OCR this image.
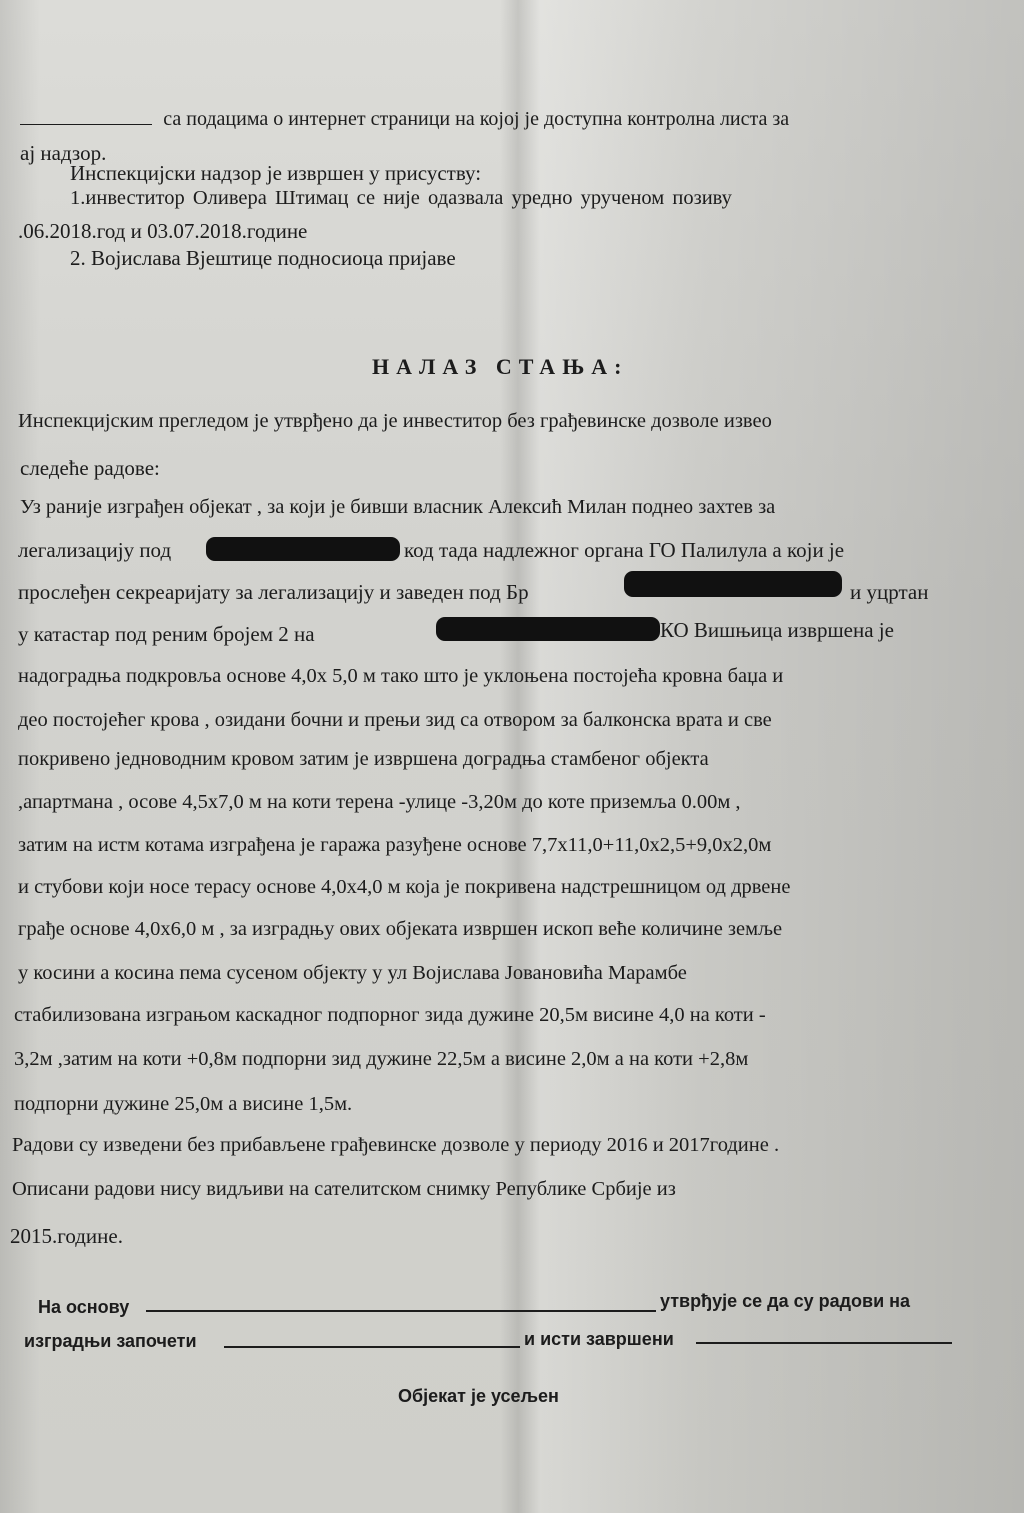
са подацима о интернет страници на којој је доступна контролна листа за
ај надзор.
Инспекцијски надзор је извршен у присуству:
1.инвеститор Оливера Штимац се није одазвала уредно уручeном позиву
.06.2018.год и 03.07.2018.године
2. Војислава Вјештице подносиоца пријаве
НАЛАЗ СТАЊА:
Инспекцијским прегледом је утврђено да је инвеститор без грађевинске дозволе извео
следеће радове:
Уз раније изграђен објекат , за који је бивши власник Алексић Милан поднео захтев за
легализацију под	код тада надлежног органа ГО Палилула а који је
прослеђен секреаријату за легализацију и заведен под Бр	и уцртан
у катастар под реним бројем 2 на	КО Вишњица извршена је
надоградња подкровља основе 4,0х 5,0 м тако што је уклоњена постојећа кровна баџа и
део постојећег крова , озидани бочни и прењи зид са отвором за балконска врата и све
покривено једноводним кровом затим је извршена доградња стамбеног објекта
,апартмана , осове 4,5х7,0 м на коти терена -улице -3,20м до коте приземља 0.00м ,
затим на истм котама изграђена је гаража разуђене основе 7,7х11,0+11,0х2,5+9,0х2,0м
и стубови који носе терасу основе 4,0х4,0 м која је покривена надстрешницом од дрвене
грађе основе 4,0х6,0 м , за изградњу ових објеката извршен ископ веће количине земље
у косини а косина пема сусеном објекту у ул Војислава Јовановића Марамбе
стабилизована изграњом каскадног подпорног зида дужине 20,5м висине 4,0 на коти -
3,2м ,затим на коти +0,8м подпорни зид дужине 22,5м а висине 2,0м а на коти +2,8м
подпорни дужине 25,0м а висине 1,5м.
Радови су изведени без прибављене грађевинске дозволе у периоду 2016 и 2017године .
Описани радови нису видљиви на сателитском снимку Републике Србије из
2015.године.
На основу	утврђује се да су радови на
изградњи започети	и исти завршени
Објекат је усељен
